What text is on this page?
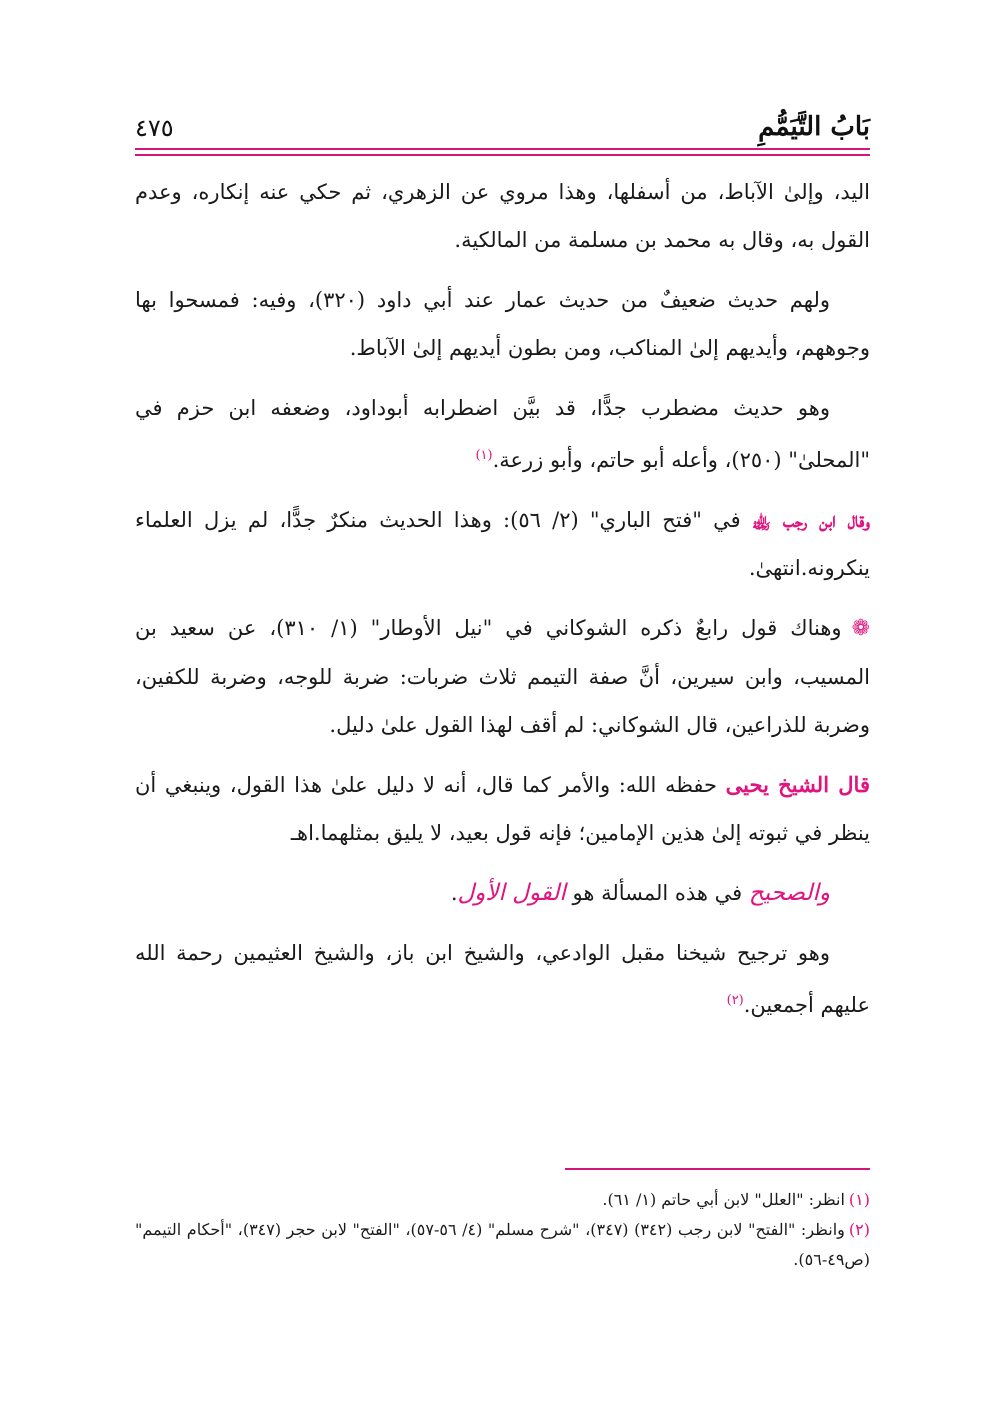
بَابُ التَّيَمُّمِ
٤٧٥

اليد، وإلىٰ الآباط، من أسفلها، وهذا مروي عن الزهري، ثم حكي عنه إنكاره، وعدم القول به، وقال به محمد بن مسلمة من المالكية.

ولهم حديث ضعيفٌ من حديث عمار عند أبي داود (٣٢٠)، وفيه: فمسحوا بها وجوههم، وأيديهم إلىٰ المناكب، ومن بطون أيديهم إلىٰ الآباط.

وهو حديث مضطرب جدًّا، قد بيَّن اضطرابه أبوداود، وضعفه ابن حزم في "المحلىٰ" (٢٥٠)، وأعله أبو حاتم، وأبو زرعة.$^{(١)}$

وقال ابن رجب ﵀ في "فتح الباري" (٢/ ٥٦): وهذا الحديث منكرٌ جدًّا، لم يزل العلماء ينكرونه.انتهىٰ.

❁وهناك قول رابعٌ ذكره الشوكاني في "نيل الأوطار" (١/ ٣١٠)، عن سعيد بن المسيب، وابن سيرين، أنَّ صفة التيمم ثلاث ضربات: ضربة للوجه، وضربة للكفين، وضربة للذراعين، قال الشوكاني: لم أقف لهذا القول علىٰ دليل.

قال الشيخ يحيى حفظه الله: والأمر كما قال، أنه لا دليل علىٰ هذا القول، وينبغي أن ينظر في ثبوته إلىٰ هذين الإمامين؛ فإنه قول بعيد، لا يليق بمثلهما.اهـ

والصحيح في هذه المسألة هو القول الأول.

وهو ترجيح شيخنا مقبل الوادعي، والشيخ ابن باز، والشيخ العثيمين رحمة الله عليهم أجمعين.$^{(٢)}$

(١)انظر: "العلل" لابن أبي حاتم (١/ ٦١).

(٢)وانظر: "الفتح" لابن رجب (٣٤٢) (٣٤٧)، "شرح مسلم" (٤/ ٥٦-٥٧)، "الفتح" لابن حجر (٣٤٧)، "أحكام التيمم" (ص٤٩-٥٦).
